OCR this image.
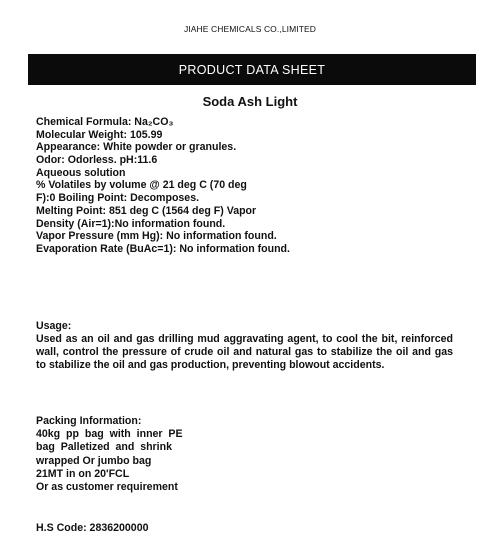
JIAHE CHEMICALS CO.,LIMITED
PRODUCT DATA SHEET
Soda Ash Light
Chemical Formula: Na₂CO₃
Molecular Weight: 105.99
Appearance: White powder or granules.
Odor: Odorless. pH:11.6
Aqueous solution
% Volatiles by volume @ 21 deg C (70 deg
F):0 Boiling Point: Decomposes.
Melting Point: 851 deg C (1564 deg F) Vapor
Density (Air=1):No information found.
Vapor Pressure (mm Hg): No information found.
Evaporation Rate (BuAc=1): No information found.
Usage:
Used as an oil and gas drilling mud aggravating agent, to cool the bit, reinforced wall, control the pressure of crude oil and natural gas to stabilize the oil and gas to stabilize the oil and gas production, preventing blowout accidents.
Packing Information:
40kg  pp  bag  with  inner  PE
bag  Palletized  and  shrink
wrapped Or jumbo bag
21MT in on 20'FCL
Or as customer requirement
H.S Code: 2836200000
